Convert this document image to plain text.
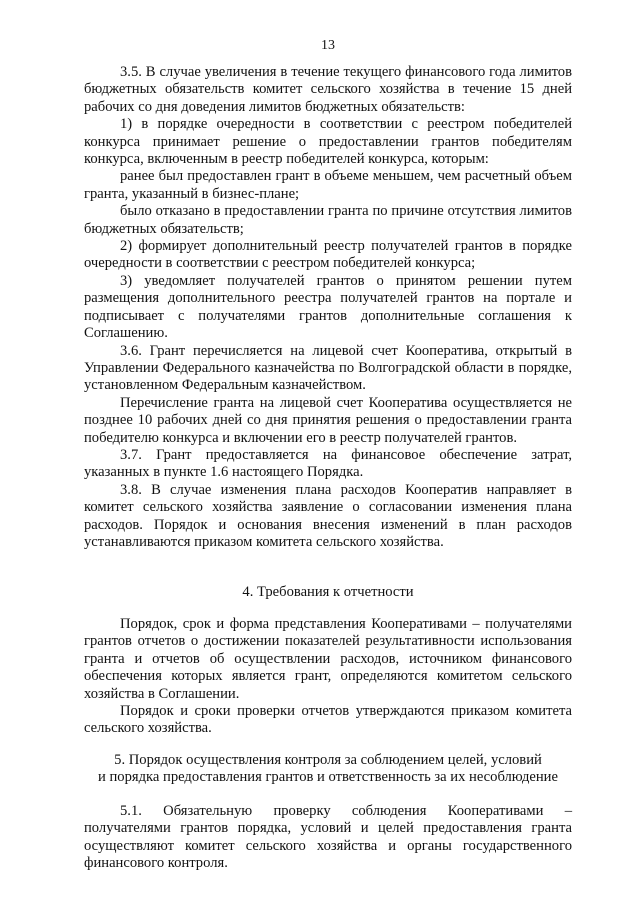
13

3.5. В случае увеличения в течение текущего финансового года лимитов бюджетных обязательств комитет сельского хозяйства в течение 15 дней рабочих со дня доведения лимитов бюджетных обязательств:

1) в порядке очередности в соответствии с реестром победителей конкурса принимает решение о предоставлении грантов победителям конкурса, включенным в реестр победителей конкурса, которым:

ранее был предоставлен грант в объеме меньшем, чем расчетный объем гранта, указанный в бизнес-плане;

было отказано в предоставлении гранта по причине отсутствия лимитов бюджетных обязательств;

2) формирует дополнительный реестр получателей грантов в порядке очередности в соответствии с реестром победителей конкурса;

3) уведомляет получателей грантов о принятом решении путем размещения дополнительного реестра получателей грантов на портале и подписывает с получателями грантов дополнительные соглашения к Соглашению.

3.6. Грант перечисляется на лицевой счет Кооператива, открытый в Управлении Федерального казначейства по Волгоградской области в порядке, установленном Федеральным казначейством.

Перечисление гранта на лицевой счет Кооператива осуществляется не позднее 10 рабочих дней со дня принятия решения о предоставлении гранта победителю конкурса и включении его в реестр получателей грантов.

3.7. Грант предоставляется на финансовое обеспечение затрат, указанных в пункте 1.6 настоящего Порядка.

3.8. В случае изменения плана расходов Кооператив направляет в комитет сельского хозяйства заявление о согласовании изменения плана расходов. Порядок и основания внесения изменений в план расходов устанавливаются приказом комитета сельского хозяйства.

4. Требования к отчетности

Порядок, срок и форма представления Кооперативами – получателями грантов отчетов о достижении показателей результативности использования гранта и отчетов об осуществлении расходов, источником финансового обеспечения которых является грант, определяются комитетом сельского хозяйства в Соглашении.

Порядок и сроки проверки отчетов утверждаются приказом комитета сельского хозяйства.

5. Порядок осуществления контроля за соблюдением целей, условий
и порядка предоставления грантов и ответственность за их несоблюдение

5.1. Обязательную проверку соблюдения Кооперативами – получателями грантов порядка, условий и целей предоставления гранта осуществляют комитет сельского хозяйства и органы государственного финансового контроля.
